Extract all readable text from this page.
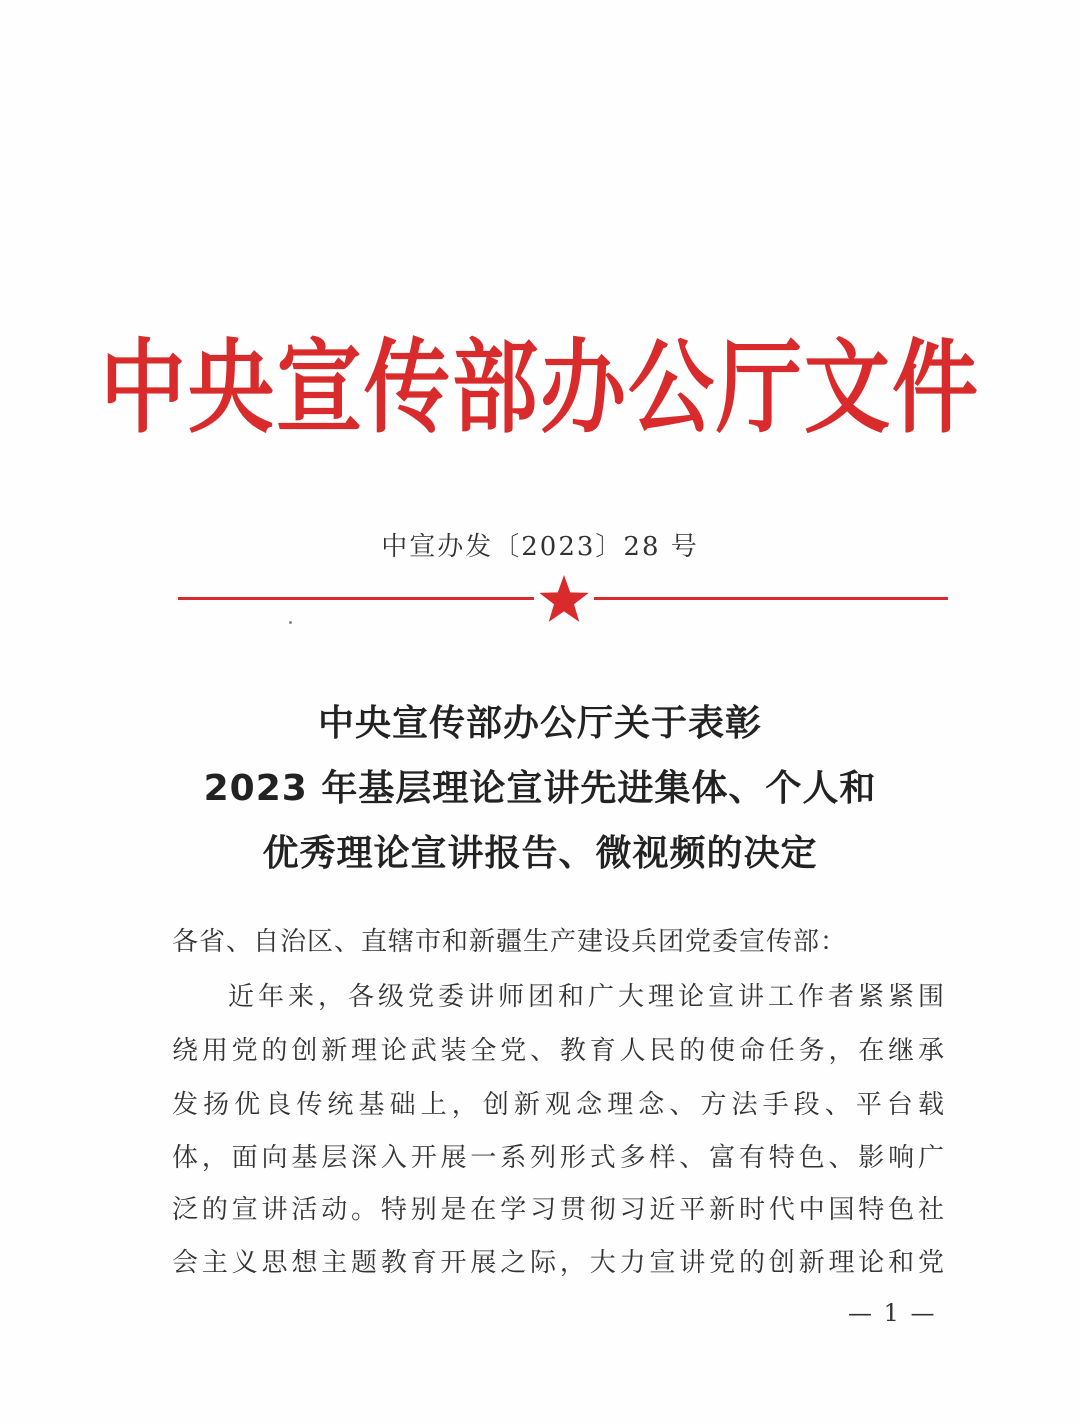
中央宣传部办公厅文件
中宣办发〔2023〕28 号
中央宣传部办公厅关于表彰
2023 年基层理论宣讲先进集体、个人和
优秀理论宣讲报告、微视频的决定
各省、自治区、直辖市和新疆生产建设兵团党委宣传部：
近年来，各级党委讲师团和广大理论宣讲工作者紧紧围
绕用党的创新理论武装全党、教育人民的使命任务，在继承
发扬优良传统基础上，创新观念理念、方法手段、平台载
体，面向基层深入开展一系列形式多样、富有特色、影响广
泛的宣讲活动。特别是在学习贯彻习近平新时代中国特色社
会主义思想主题教育开展之际，大力宣讲党的创新理论和党
— 1 —
